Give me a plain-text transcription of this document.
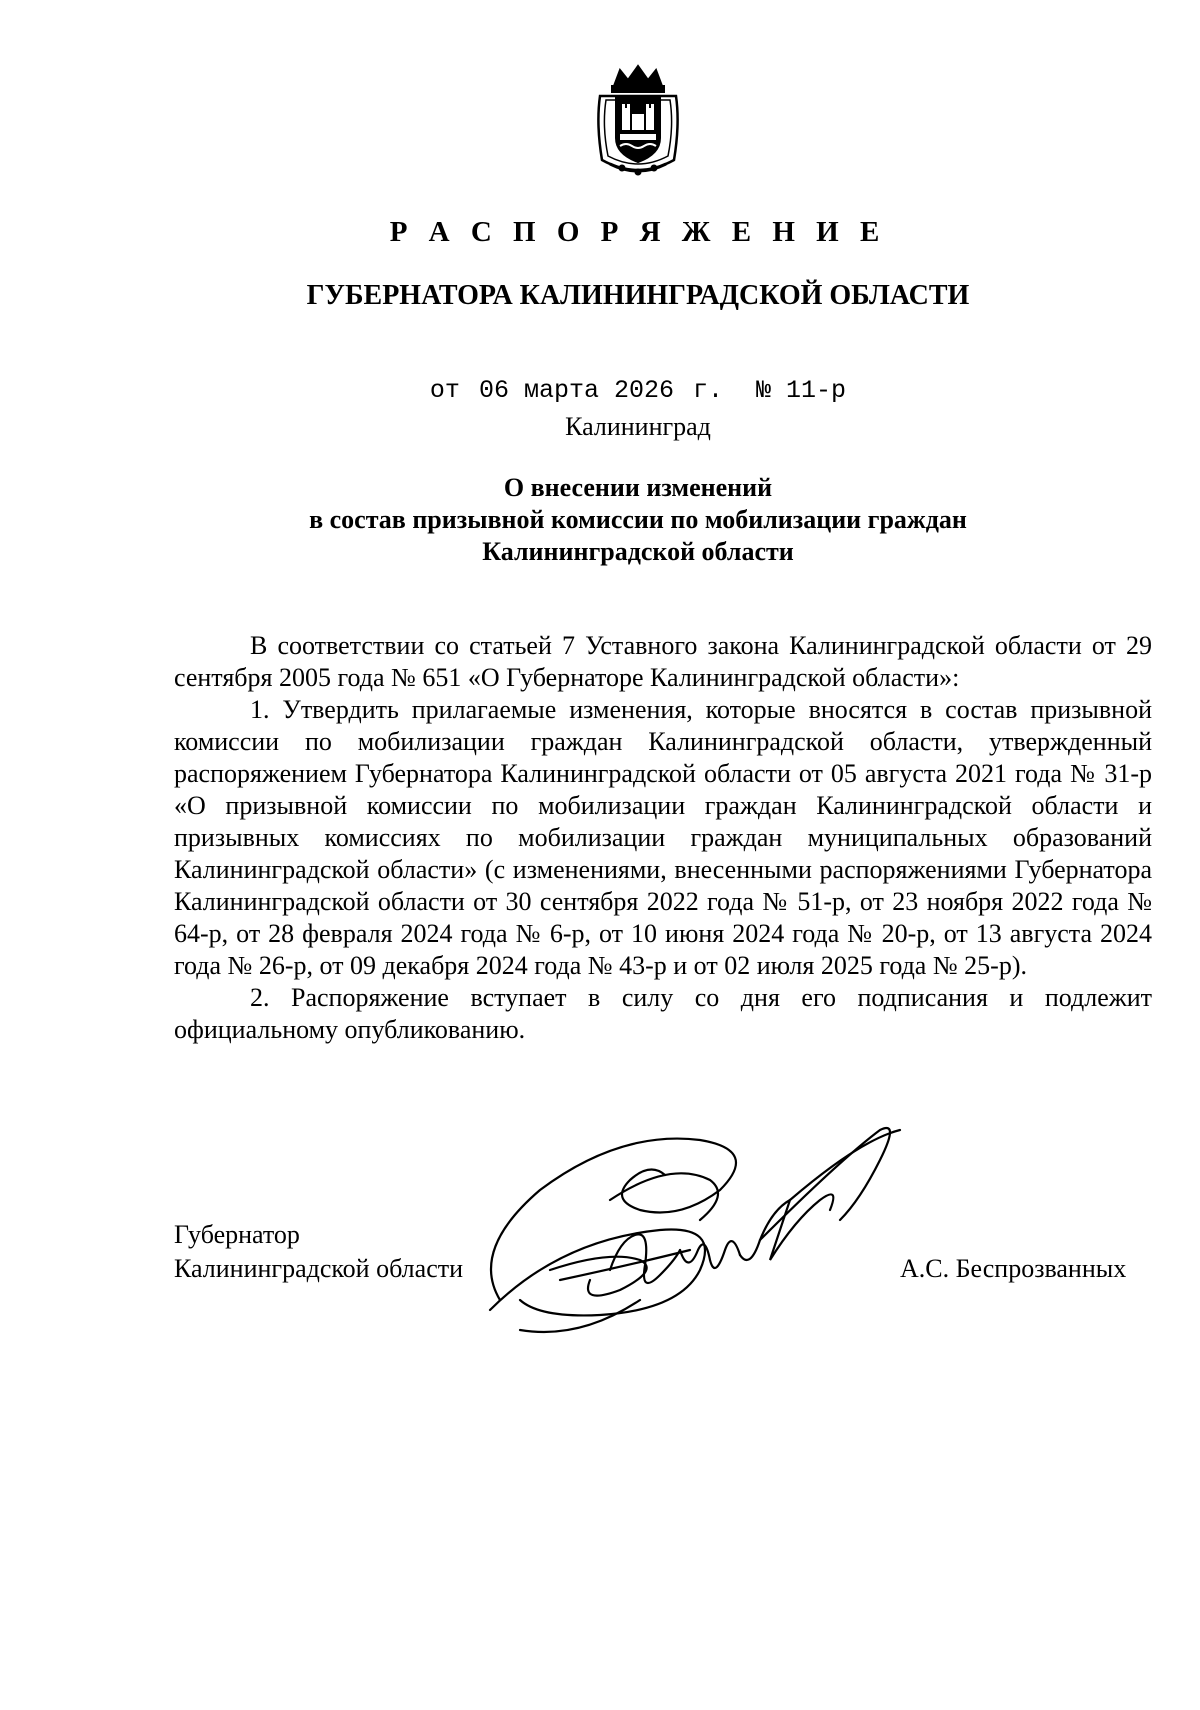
Р А С П О Р Я Ж Е Н И Е
ГУБЕРНАТОРА КАЛИНИНГРАДСКОЙ ОБЛАСТИ
от 06 марта 2026 г. № 11-р
Калининград
О внесении изменений
в состав призывной комиссии по мобилизации граждан
Калининградской области

В соответствии со статьей 7 Уставного закона Калининградской области от 29 сентября 2005 года № 651 «О Губернаторе Калининградской области»:

1. Утвердить прилагаемые изменения, которые вносятся в состав призывной комиссии по мобилизации граждан Калининградской области, утвержденный распоряжением Губернатора Калининградской области от 05 августа 2021 года № 31-р «О призывной комиссии по мобилизации граждан Калининградской области и призывных комиссиях по мобилизации граждан муниципальных образований Калининградской области» (с изменениями, внесенными распоряжениями Губернатора Калининградской области от 30 сентября 2022 года № 51-р, от 23 ноября 2022 года № 64-р, от 28 февраля 2024 года № 6-р, от 10 июня 2024 года № 20-р, от 13 августа 2024 года № 26-р, от 09 декабря 2024 года № 43-р и от 02 июля 2025 года № 25-р).

2. Распоряжение вступает в силу со дня его подписания и подлежит официальному опубликованию.

Губернатор
Калининградской области	А.С. Беспрозванных
